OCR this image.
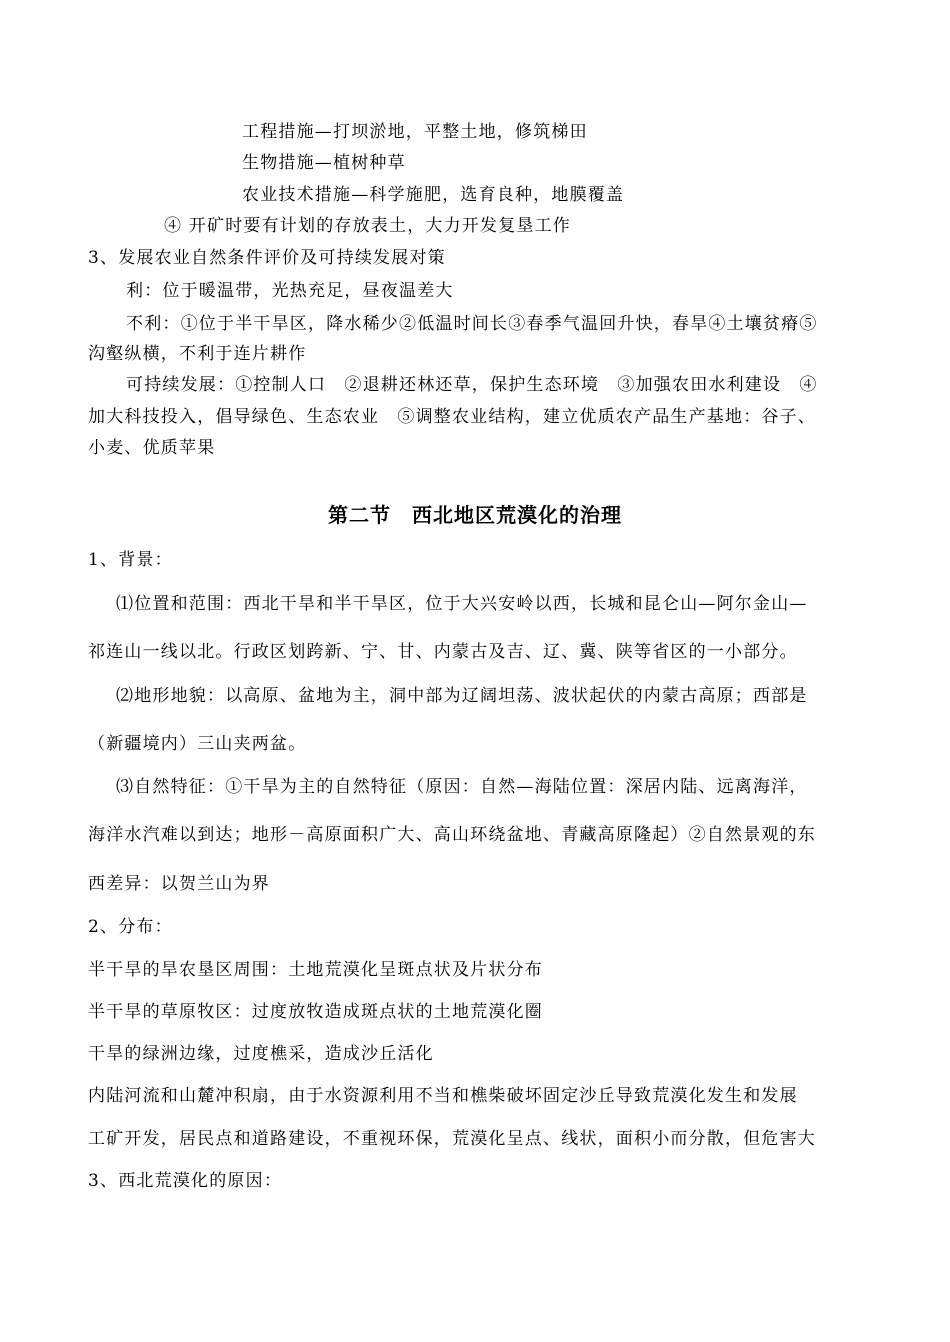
工程措施—打坝淤地，平整土地，修筑梯田
生物措施—植树种草
农业技术措施—科学施肥，选育良种，地膜覆盖
④ 开矿时要有计划的存放表土，大力开发复垦工作
3、发展农业自然条件评价及可持续发展对策
利：位于暖温带，光热充足，昼夜温差大
不利：①位于半干旱区，降水稀少②低温时间长③春季气温回升快，春旱④土壤贫瘠⑤
沟壑纵横，不利于连片耕作
可持续发展：①控制人口　②退耕还林还草，保护生态环境　③加强农田水利建设　④
加大科技投入，倡导绿色、生态农业　⑤调整农业结构，建立优质农产品生产基地：谷子、
小麦、优质苹果
第二节　西北地区荒漠化的治理
1、背景：
⑴位置和范围：西北干旱和半干旱区，位于大兴安岭以西，长城和昆仑山—阿尔金山—
祁连山一线以北。行政区划跨新、宁、甘、内蒙古及吉、辽、冀、陕等省区的一小部分。
⑵地形地貌：以高原、盆地为主，洞中部为辽阔坦荡、波状起伏的内蒙古高原；西部是
（新疆境内）三山夹两盆。
⑶自然特征：①干旱为主的自然特征（原因：自然—海陆位置：深居内陆、远离海洋，
海洋水汽难以到达；地形－高原面积广大、高山环绕盆地、青藏高原隆起）②自然景观的东
西差异：以贺兰山为界
2、分布：
半干旱的旱农垦区周围：土地荒漠化呈斑点状及片状分布
半干旱的草原牧区：过度放牧造成斑点状的土地荒漠化圈
干旱的绿洲边缘，过度樵采，造成沙丘活化
内陆河流和山麓冲积扇，由于水资源利用不当和樵柴破坏固定沙丘导致荒漠化发生和发展
工矿开发，居民点和道路建设，不重视环保，荒漠化呈点、线状，面积小而分散，但危害大
3、西北荒漠化的原因：
